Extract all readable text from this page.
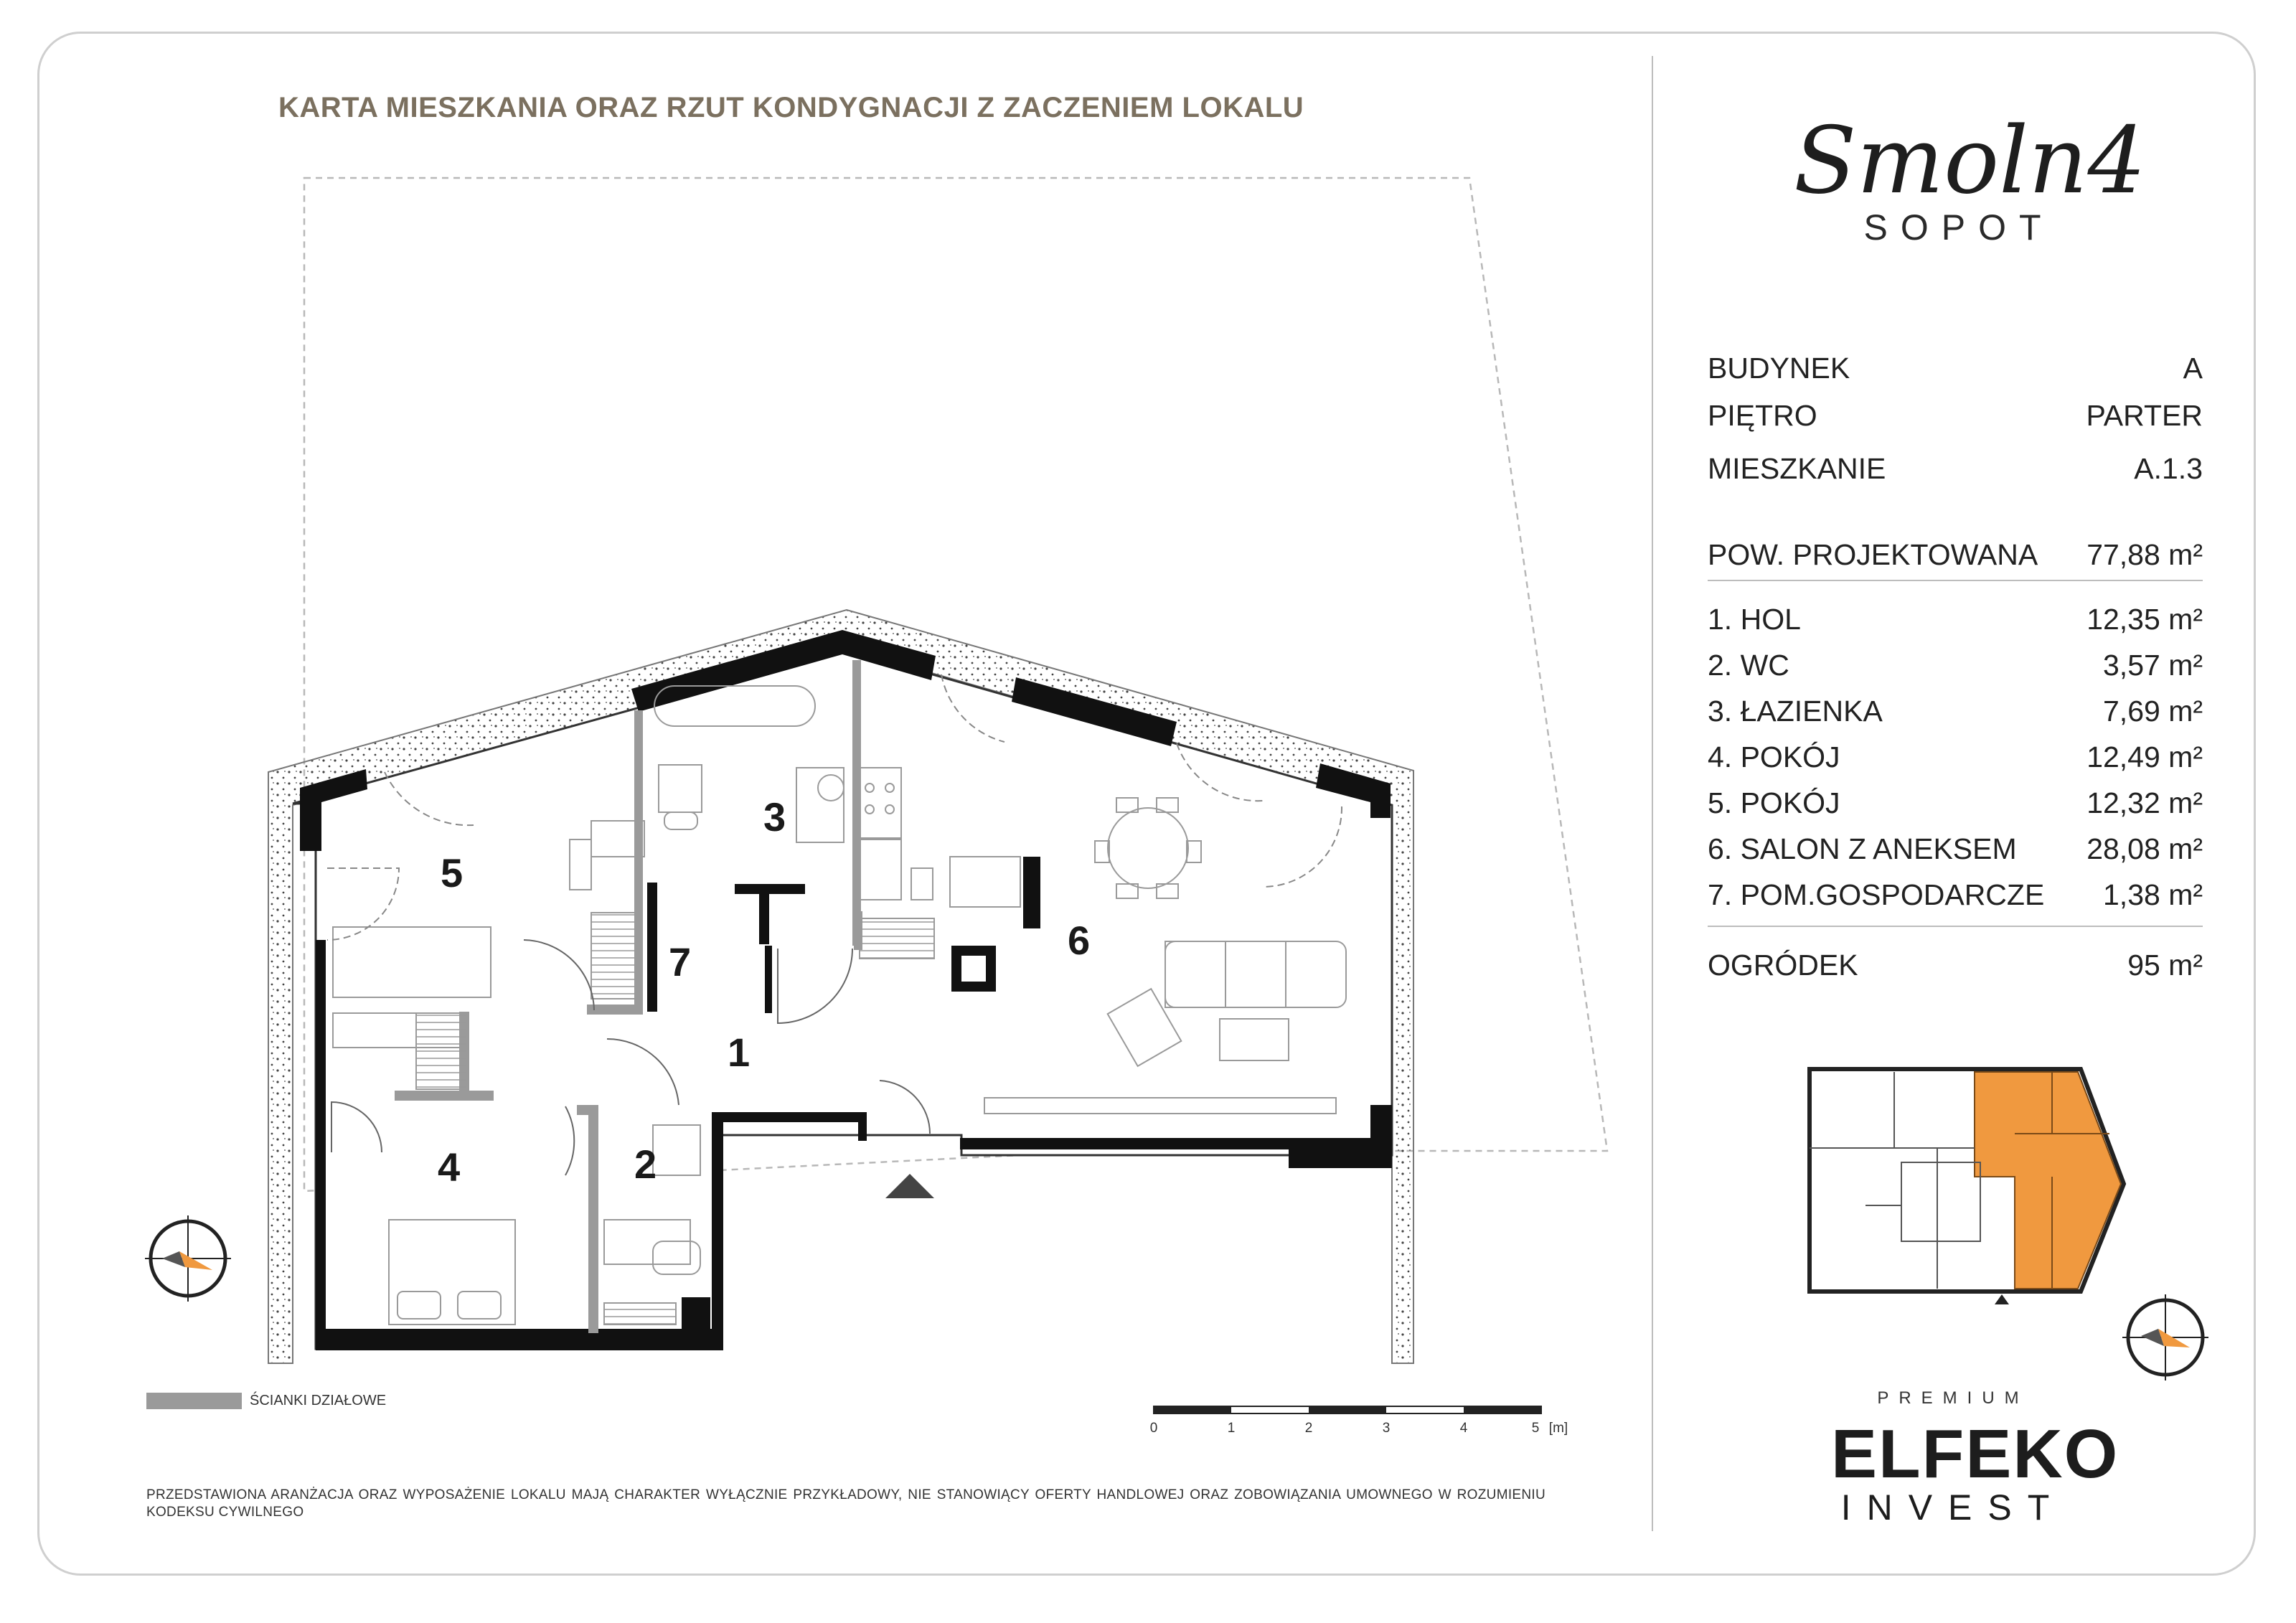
KARTA MIESZKANIA ORAZ RZUT KONDYGNACJI Z ZACZENIEM LOKALU
1
2
3
4
5
6
7
0	1	2	3	4	5 [m]
Smoln4
SOPOT
BUDYNEK	A
PIĘTRO	PARTER
MIESZKANIE	A.1.3
POW. PROJEKTOWANA 77,88 m²
1. HOL	12,35 m²
2. WC	3,57 m²
3. ŁAZIENKA	7,69 m²
4. POKÓJ	12,49 m²
5. POKÓJ	12,32 m²
6. SALON Z ANEKSEM 28,08 m²
7. POM.GOSPODARCZE 1,38 m²
OGRÓDEK	95 m²
ŚCIANKI DZIAŁOWE
PRZEDSTAWIONA ARANŻACJA ORAZ WYPOSAŻENIE LOKALU MAJĄ CHARAKTER WYŁĄCZNIE PRZYKŁADOWY, NIE STANOWIĄCY OFERTY HANDLOWEJ ORAZ ZOBOWIĄZANIA UMOWNEGO W ROZUMIENIU KODEKSU CYWILNEGO
PREMIUM
ELFEKO
INVEST
